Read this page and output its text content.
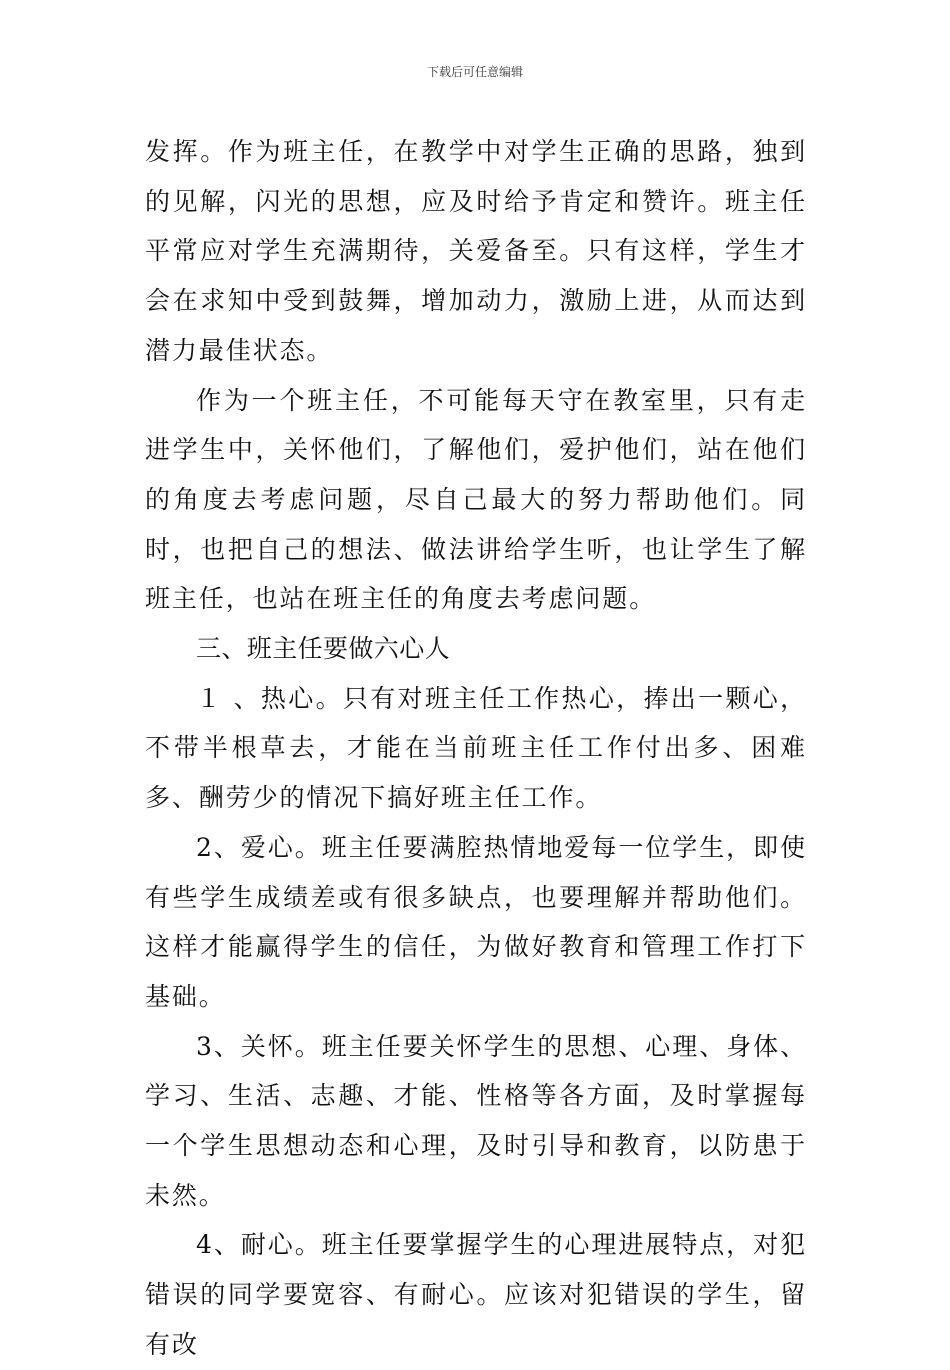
下载后可任意编辑

发挥。作为班主任，在教学中对学生正确的思路，独到的见解，闪光的思想，应及时给予肯定和赞许。班主任平常应对学生充满期待，关爱备至。只有这样，学生才会在求知中受到鼓舞，增加动力，激励上进，从而达到潜力最佳状态。

作为一个班主任，不可能每天守在教室里，只有走进学生中，关怀他们，了解他们，爱护他们，站在他们的角度去考虑问题，尽自己最大的努力帮助他们。同时，也把自己的想法、做法讲给学生听，也让学生了解班主任，也站在班主任的角度去考虑问题。

三、班主任要做六心人

１ 、热心。只有对班主任工作热心，捧出一颗心，不带半根草去，才能在当前班主任工作付出多、困难多、酬劳少的情况下搞好班主任工作。

2、爱心。班主任要满腔热情地爱每一位学生，即使有些学生成绩差或有很多缺点，也要理解并帮助他们。这样才能赢得学生的信任，为做好教育和管理工作打下基础。

3、关怀。班主任要关怀学生的思想、心理、身体、学习、生活、志趣、才能、性格等各方面，及时掌握每一个学生思想动态和心理，及时引导和教育，以防患于未然。

4、耐心。班主任要掌握学生的心理进展特点，对犯错误的同学要宽容、有耐心。应该对犯错误的学生，留有改
